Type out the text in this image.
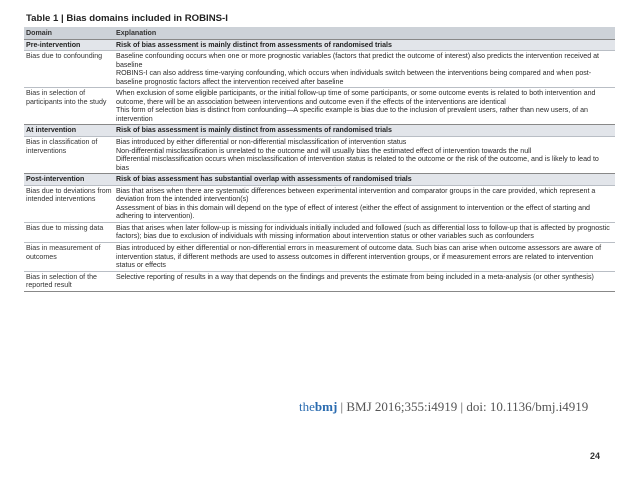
Table 1 | Bias domains included in ROBINS-I
Domain	Explanation
Pre-intervention	Risk of bias assessment is mainly distinct from assessments of randomised trials
Bias due to confounding	Baseline confounding occurs when one or more prognostic variables (factors that predict the outcome of interest) also predicts the intervention received at baseline
ROBINS-I can also address time-varying confounding, which occurs when individuals switch between the interventions being compared and when post-baseline prognostic factors affect the intervention received after baseline

Bias in selection of participants into the study	When exclusion of some eligible participants, or the initial follow-up time of some participants, or some outcome events is related to both intervention and outcome, there will be an association between interventions and outcome even if the effects of the interventions are identical
This form of selection bias is distinct from confounding—A specific example is bias due to the inclusion of prevalent users, rather than new users, of an intervention

At intervention	Risk of bias assessment is mainly distinct from assessments of randomised trials
Bias in classification of interventions	Bias introduced by either differential or non-differential misclassification of intervention status
Non-differential misclassification is unrelated to the outcome and will usually bias the estimated effect of intervention towards the null
Differential misclassification occurs when misclassification of intervention status is related to the outcome or the risk of the outcome, and is likely to lead to bias

Post-intervention	Risk of bias assessment has substantial overlap with assessments of randomised trials
Bias due to deviations from intended interventions	Bias that arises when there are systematic differences between experimental intervention and comparator groups in the care provided, which represent a deviation from the intended intervention(s)
Assessment of bias in this domain will depend on the type of effect of interest (either the effect of assignment to intervention or the effect of starting and adhering to intervention).

Bias due to missing data	Bias that arises when later follow-up is missing for individuals initially included and followed (such as differential loss to follow-up that is affected by prognostic factors); bias due to exclusion of individuals with missing information about intervention status or other variables such as confounders

Bias in measurement of outcomes	Bias introduced by either differential or non-differential errors in measurement of outcome data. Such bias can arise when outcome assessors are aware of intervention status, if different methods are used to assess outcomes in different intervention groups, or if measurement errors are related to intervention status or effects

Bias in selection of the reported result	Selective reporting of results in a way that depends on the findings and prevents the estimate from being included in a meta-analysis (or other synthesis)
thebmj | BMJ 2016;355:i4919 | doi: 10.1136/bmj.i4919
24
